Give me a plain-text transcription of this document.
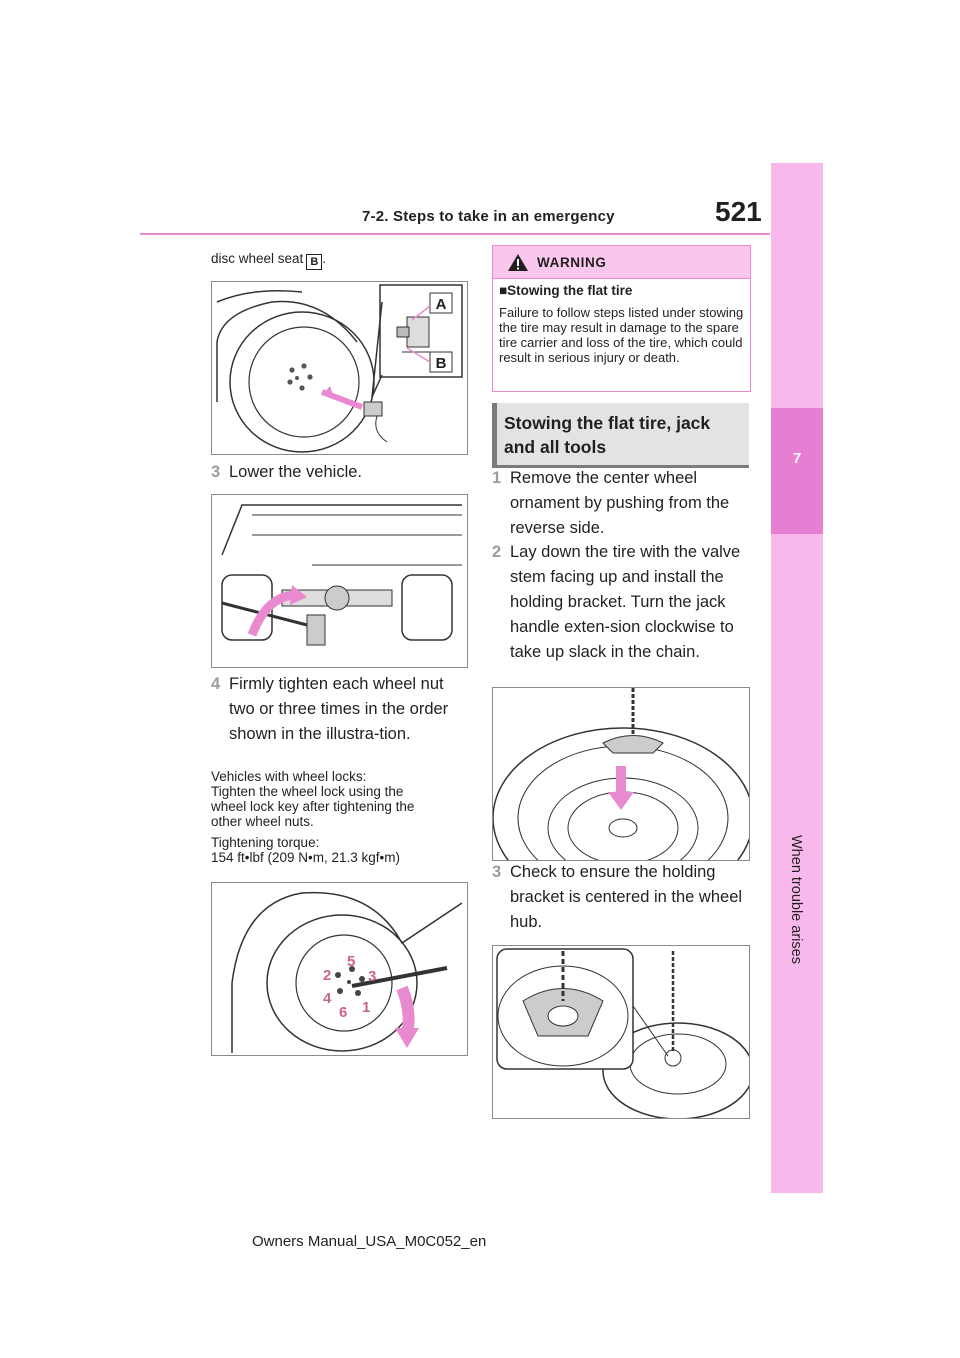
7-2. Steps to take in an emergency	521
7
When trouble arises
disc wheel seat B .
A
B
3 Lower the vehicle.
4 Firmly tighten each wheel nut two or three times in the order shown in the illustra-tion.
Vehicles with wheel locks:
Tighten the wheel lock using the
wheel lock key after tightening the
other wheel nuts.
Tightening torque:
154 ft•lbf (209 N•m, 21.3 kgf•m)
1
2 3
4
5
6
WARNING
■Stowing the flat tire
Failure to follow steps listed under stowing the tire may result in damage to the spare tire carrier and loss of the tire, which could result in serious injury or death.
Stowing the flat tire, jack and all tools
1 Remove the center wheel ornament by pushing from the reverse side.
2 Lay down the tire with the valve stem facing up and install the holding bracket. Turn the jack handle exten-sion clockwise to take up slack in the chain.
3 Check to ensure the holding bracket is centered in the wheel hub.
Owners Manual_USA_M0C052_en
